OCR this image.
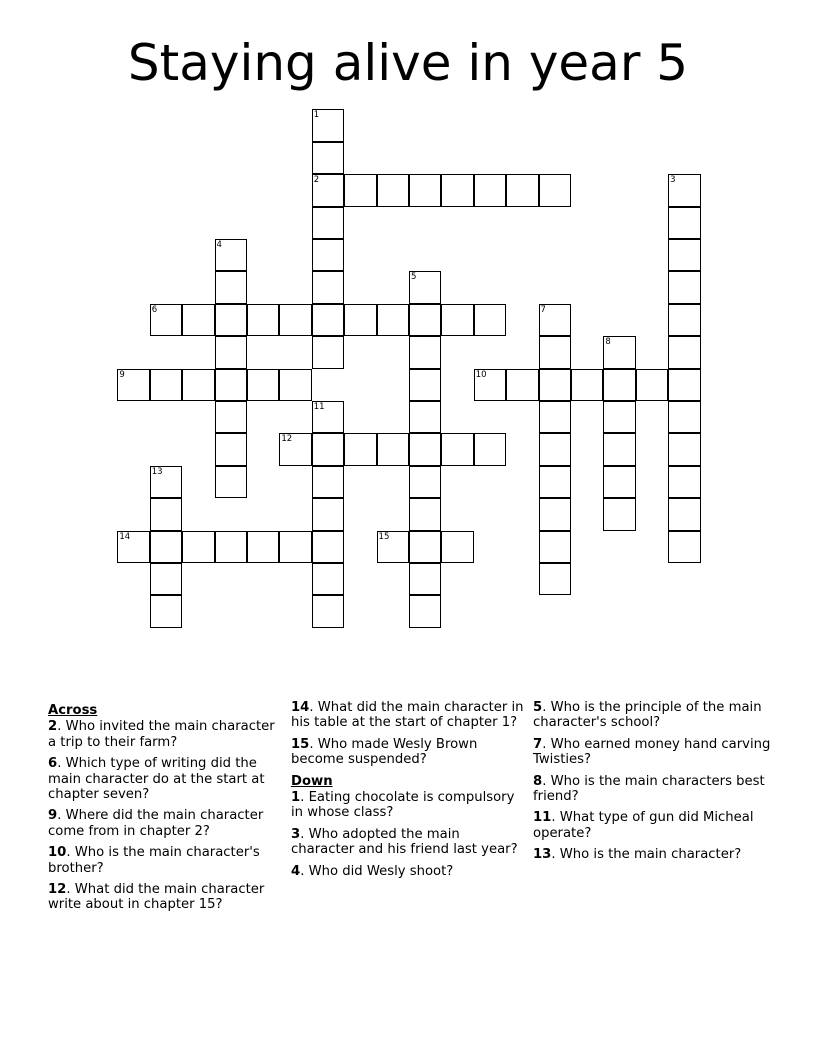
Staying alive in year 5
1
2	3
4
5
6	7
8
9	10
11
12
13
14	15
Across
2. Who invited the main character a trip to their farm?
6. Which type of writing did the main character do at the start at chapter seven?
9. Where did the main character come from in chapter 2?
10. Who is the main character's brother?
12. What did the main character write about in chapter 15?
14. What did the main character in his table at the start of chapter 1?
15. Who made Wesly Brown become suspended?
Down
1. Eating chocolate is compulsory in whose class?
3. Who adopted the main character and his friend last year?
4. Who did Wesly shoot?
5. Who is the principle of the main character's school?
7. Who earned money hand carving Twisties?
8. Who is the main characters best friend?
11. What type of gun did Micheal operate?
13. Who is the main character?
